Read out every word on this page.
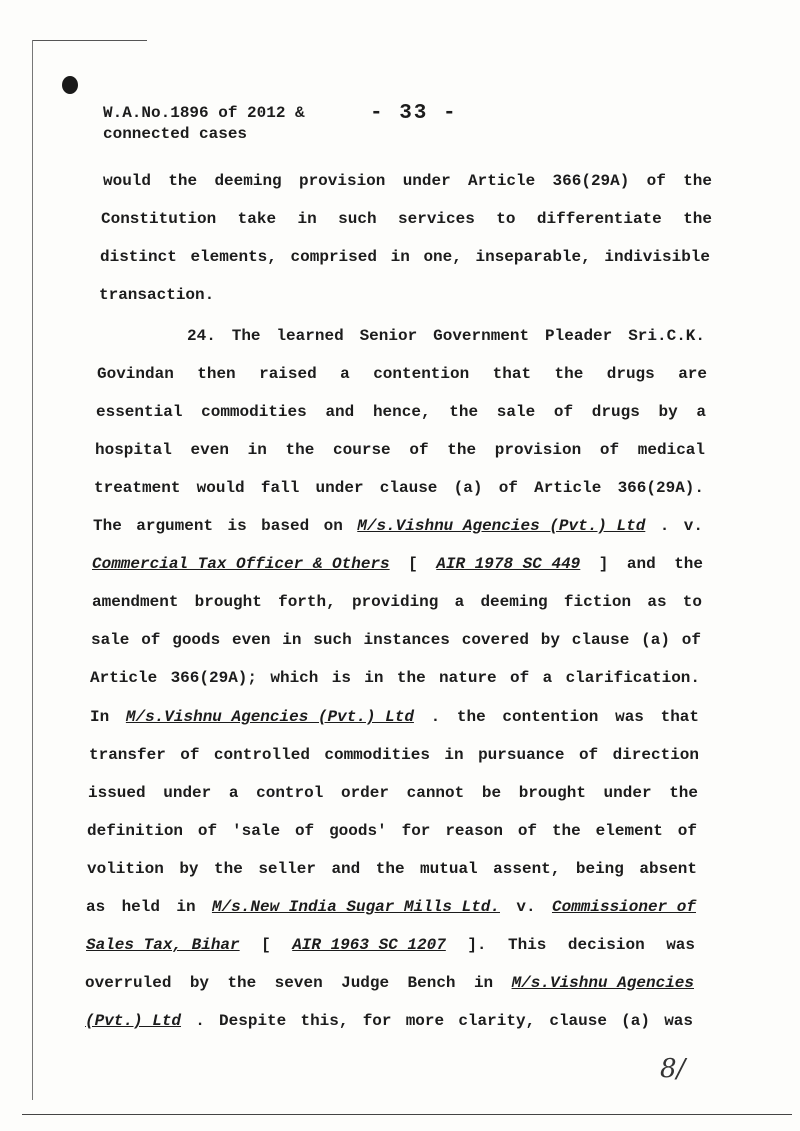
W.A.No.1896 of 2012 &
connected cases
- 33 -
would the deeming provision under Article 366(29A) of the
Constitution take in such services to differentiate the
distinct elements, comprised in one, inseparable, indivisible
transaction.
24. The learned Senior Government Pleader Sri.C.K.
Govindan then raised a contention that the drugs are
essential commodities and hence, the sale of drugs by a
hospital even in the course of the provision of medical
treatment would fall under clause (a) of Article 366(29A).
The argument is based on M/s.Vishnu Agencies (Pvt.) Ltd . v.
Commercial Tax Officer & Others [ AIR 1978 SC 449 ] and the
amendment brought forth, providing a deeming fiction as to
sale of goods even in such instances covered by clause (a) of
Article 366(29A); which is in the nature of a clarification.
In M/s.Vishnu Agencies (Pvt.) Ltd . the contention was that
transfer of controlled commodities in pursuance of direction
issued under a control order cannot be brought under the
definition of 'sale of goods' for reason of the element of
volition by the seller and the mutual assent, being absent
as held in M/s.New India Sugar Mills Ltd. v. Commissioner of
Sales Tax, Bihar [ AIR 1963 SC 1207 ]. This decision was
overruled by the seven Judge Bench in M/s.Vishnu Agencies
(Pvt.) Ltd . Despite this, for more clarity, clause (a) was
8/
